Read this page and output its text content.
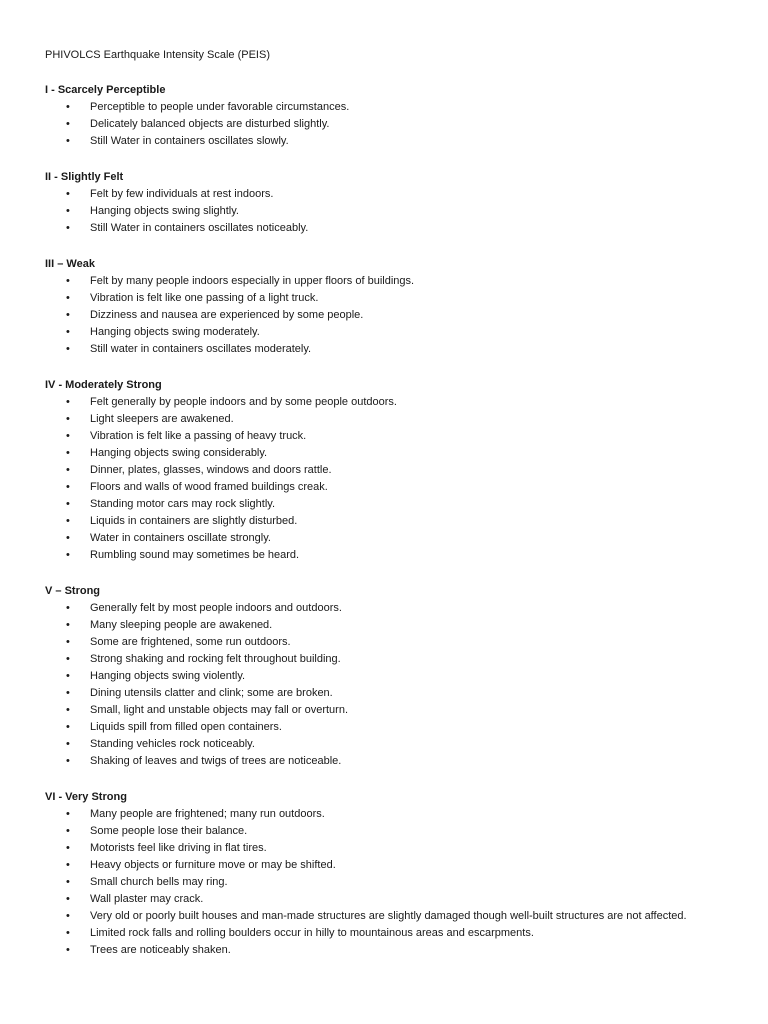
PHIVOLCS Earthquake Intensity Scale (PEIS)
I - Scarcely Perceptible
• Perceptible to people under favorable circumstances.
• Delicately balanced objects are disturbed slightly.
• Still Water in containers oscillates slowly.
II - Slightly Felt
• Felt by few individuals at rest indoors.
• Hanging objects swing slightly.
• Still Water in containers oscillates noticeably.
III – Weak
• Felt by many people indoors especially in upper floors of buildings.
• Vibration is felt like one passing of a light truck.
• Dizziness and nausea are experienced by some people.
• Hanging objects swing moderately.
• Still water in containers oscillates moderately.
IV - Moderately Strong
• Felt generally by people indoors and by some people outdoors.
• Light sleepers are awakened.
• Vibration is felt like a passing of heavy truck.
• Hanging objects swing considerably.
• Dinner, plates, glasses, windows and doors rattle.
• Floors and walls of wood framed buildings creak.
• Standing motor cars may rock slightly.
• Liquids in containers are slightly disturbed.
• Water in containers oscillate strongly.
• Rumbling sound may sometimes be heard.
V – Strong
• Generally felt by most people indoors and outdoors.
• Many sleeping people are awakened.
• Some are frightened, some run outdoors.
• Strong shaking and rocking felt throughout building.
• Hanging objects swing violently.
• Dining utensils clatter and clink; some are broken.
• Small, light and unstable objects may fall or overturn.
• Liquids spill from filled open containers.
• Standing vehicles rock noticeably.
• Shaking of leaves and twigs of trees are noticeable.
VI - Very Strong
• Many people are frightened; many run outdoors.
• Some people lose their balance.
• Motorists feel like driving in flat tires.
• Heavy objects or furniture move or may be shifted.
• Small church bells may ring.
• Wall plaster may crack.
• Very old or poorly built houses and man-made structures are slightly damaged though well-built structures are not affected.
• Limited rock falls and rolling boulders occur in hilly to mountainous areas and escarpments.
• Trees are noticeably shaken.
